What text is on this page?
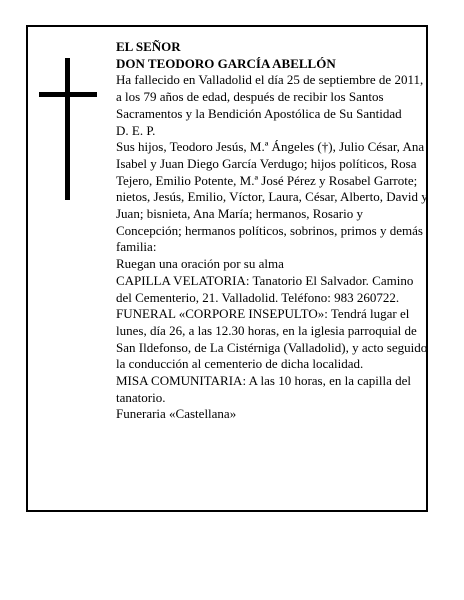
EL SEÑOR

DON TEODORO GARCÍA ABELLÓN

Ha fallecido en Valladolid el día 25 de septiembre de 2011, a los 79 años de edad, después de recibir los Santos Sacramentos y la Bendición Apostólica de Su Santidad

D. E. P.

Sus hijos, Teodoro Jesús, M.ª Ángeles (†), Julio César, Ana Isabel y Juan Diego García Verdugo; hijos políticos, Rosa Tejero, Emilio Potente, M.ª José Pérez y Rosabel Garrote; nietos, Jesús, Emilio, Víctor, Laura, César, Alberto, David y Juan; bisnieta, Ana María; hermanos, Rosario y Concepción; hermanos políticos, sobrinos, primos y demás familia:

Ruegan una oración por su alma

CAPILLA VELATORIA: Tanatorio El Salvador. Camino del Cementerio, 21. Valladolid. Teléfono: 983 260722.

FUNERAL «CORPORE INSEPULTO»: Tendrá lugar el lunes, día 26, a las 12.30 horas, en la iglesia parroquial de San Ildefonso, de La Cistérniga (Valladolid), y acto seguido la conducción al cementerio de dicha localidad.

MISA COMUNITARIA: A las 10 horas, en la capilla del tanatorio.

Funeraria «Castellana»
